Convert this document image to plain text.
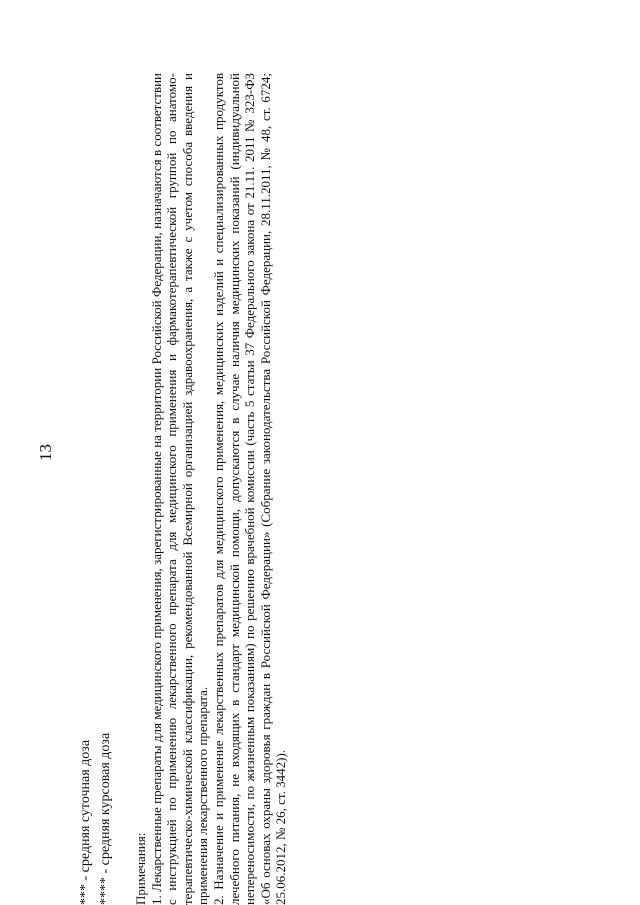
13
*** - средняя суточная доза **** - средняя курсовая доза Примечания: 1. Лекарственные препараты для медицинского применения, зарегистрированные на территории Российской Федерации, назначаются в соответствии с инструкцией по применению лекарственного препарата для медицинского применения и фармакотерапевтической группой по анатомо-терапевтическо-химической классификации, рекомендованной Всемирной организацией здравоохранения, а также с учетом способа введения и применения лекарственного препарата. 2. Назначение и применение лекарственных препаратов для медицинского применения, медицинских изделий и специализированных продуктов лечебного питания, не входящих в стандарт медицинской помощи, допускаются в случае наличия медицинских показаний (индивидуальной непереносимости, по жизненным показаниям) по решению врачебной комиссии (часть 5 статьи 37 Федерального закона от 21.11. 2011 № 323-ФЗ «Об основах охраны здоровья граждан в Российской Федерации» (Собрание законодательства Российской Федерации, 28.11.2011, № 48, ст. 6724; 25.06.2012, № 26, ст. 3442)).
